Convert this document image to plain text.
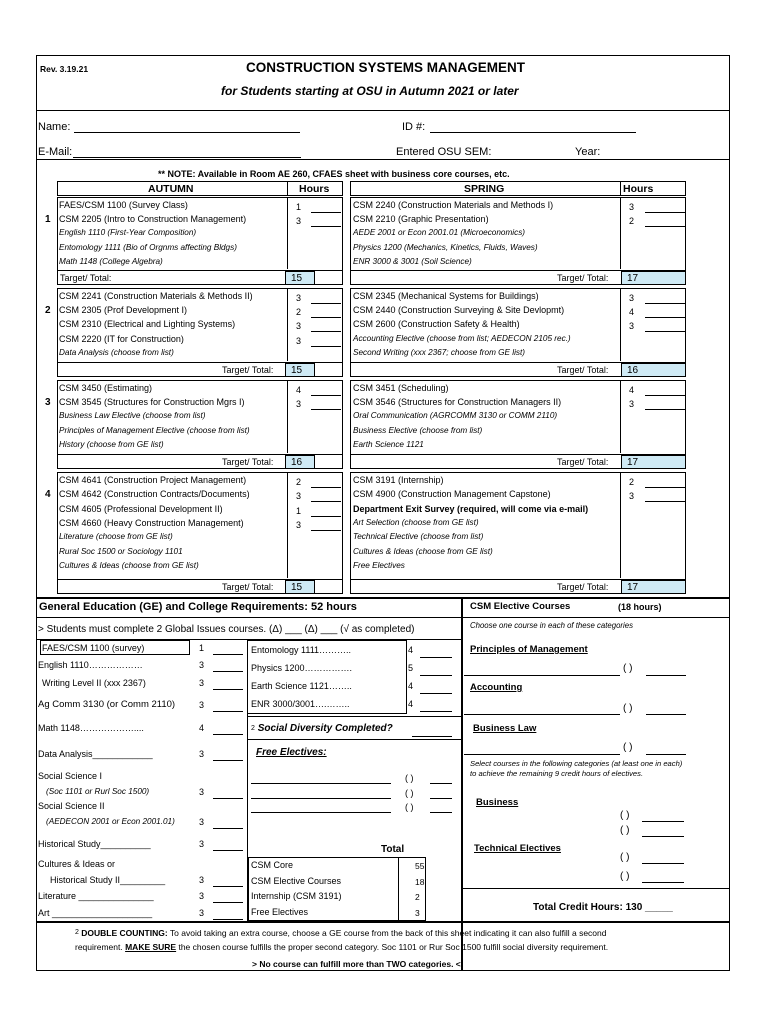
Rev. 3.19.21	CONSTRUCTION SYSTEMS MANAGEMENT
for Students starting at OSU in Autumn 2021 or later
Name:	ID #:
E-Mail:	Entered OSU SEM:	Year:
** NOTE: Available in Room AE 260, CFAES sheet with business core courses, etc.
AUTUMN	Hours	SPRING	Hours
1
FAES/CSM 1100 (Survey Class)	1
CSM 2205 (Intro to Construction Management)	3
English 1110 (First-Year Composition)
Entomology 1111 (Bio of Orgnms affecting Bldgs)
Math 1148 (College Algebra)
CSM 2240 (Construction Materials and Methods I)	3
CSM 2210 (Graphic Presentation)	2
AEDE 2001 or Econ 2001.01 (Microeconomics)
Physics 1200 (Mechanics, Kinetics, Fluids, Waves)
ENR 3000 & 3001 (Soil Science)
Target/ Total:	15	Target/ Total:	17
2
CSM 2241 (Construction Materials & Methods II)	3
CSM 2305 (Prof Development I)	2
CSM 2310 (Electrical and Lighting Systems)	3
CSM 2220 (IT for Construction)	3
Data Analysis (choose from list)
CSM 2345 (Mechanical Systems for Buildings)	3
CSM 2440 (Construction Surveying & Site Devlopmt)	4
CSM 2600 (Construction Safety & Health)	3
Accounting Elective (choose from list; AEDECON 2105 rec.)
Second Writing (xxx 2367; choose from GE list)
Target/ Total:	15	Target/ Total:	16
3
CSM 3450 (Estimating)	4
CSM 3545 (Structures for Construction Mgrs I)	3
Business Law Elective (choose from list)
Principles of Management Elective (choose from list)
History (choose from GE list)
CSM 3451 (Scheduling)	4
CSM 3546 (Structures for Construction Managers II)	3
Oral Communication (AGRCOMM 3130 or COMM 2110)
Business Elective (choose from list)
Earth Science 1121
Target/ Total:	16	Target/ Total:	17
4
CSM 4641 (Construction Project Management)	2
CSM 4642 (Construction Contracts/Documents)	3
CSM 4605 (Professional Development II)	1
CSM 4660 (Heavy Construction Management)	3
Literature (choose from GE list)
Rural Soc 1500 or Sociology 1101
Cultures & Ideas (choose from GE list)
CSM 3191 (Internship)	2
CSM 4900 (Construction Management Capstone)	3
Department Exit Survey (required, will come via e-mail)
Art Selection (choose from GE list)
Technical Elective (choose from list)
Cultures & Ideas (choose from GE list)
Free Electives
Target/ Total:	15	Target/ Total:	17
General Education (GE) and College Requirements: 52 hours
> Students must complete 2 Global Issues courses. (Δ) ___ (Δ) ___ (√ as completed)
FAES/CSM 1100 (survey)	1
English 1110………………	3
Writing Level II (xxx 2367)	3
Ag Comm 3130 (or Comm 2110)	3
Math 1148………………....	4
Data Analysis____________	3
Social Science I
(Soc 1101 or Rurl Soc 1500)	3
Social Science II
(AEDECON 2001 or Econ 2001.01)	3
Historical Study__________	3
Cultures & Ideas or
Historical Study II_________	3
Literature _______________	3
Art ____________________	3
Entomology 1111………..	4
Physics 1200…………….	5
Earth Science 1121……..	4
ENR 3000/3001….……..	4
$^2$ Social Diversity Completed?
Free Electives:
( )
( )
( )
Total
CSM Core	55
CSM Elective Courses	18
Internship (CSM 3191)	2
Free Electives	3
CSM Elective Courses	(18 hours)
Choose one course in each of these categories
Principles of Management
( )
Accounting
( )
Business Law
( )
Select courses in the following categories (at least one in each) to achieve the remaining 9 credit hours of electives.
Business
( )
( )
Technical Electives
( )
( )
Total Credit Hours: 130 _____
$^2$ DOUBLE COUNTING: To avoid taking an extra course, choose a GE course from the back of this sheet indicating it can also fulfill a second
requirement. MAKE SURE the chosen course fulfills the proper second category. Soc 1101 or Rur Soc 1500 fulfill social diversity requirement.
> No course can fulfill more than TWO categories. <
